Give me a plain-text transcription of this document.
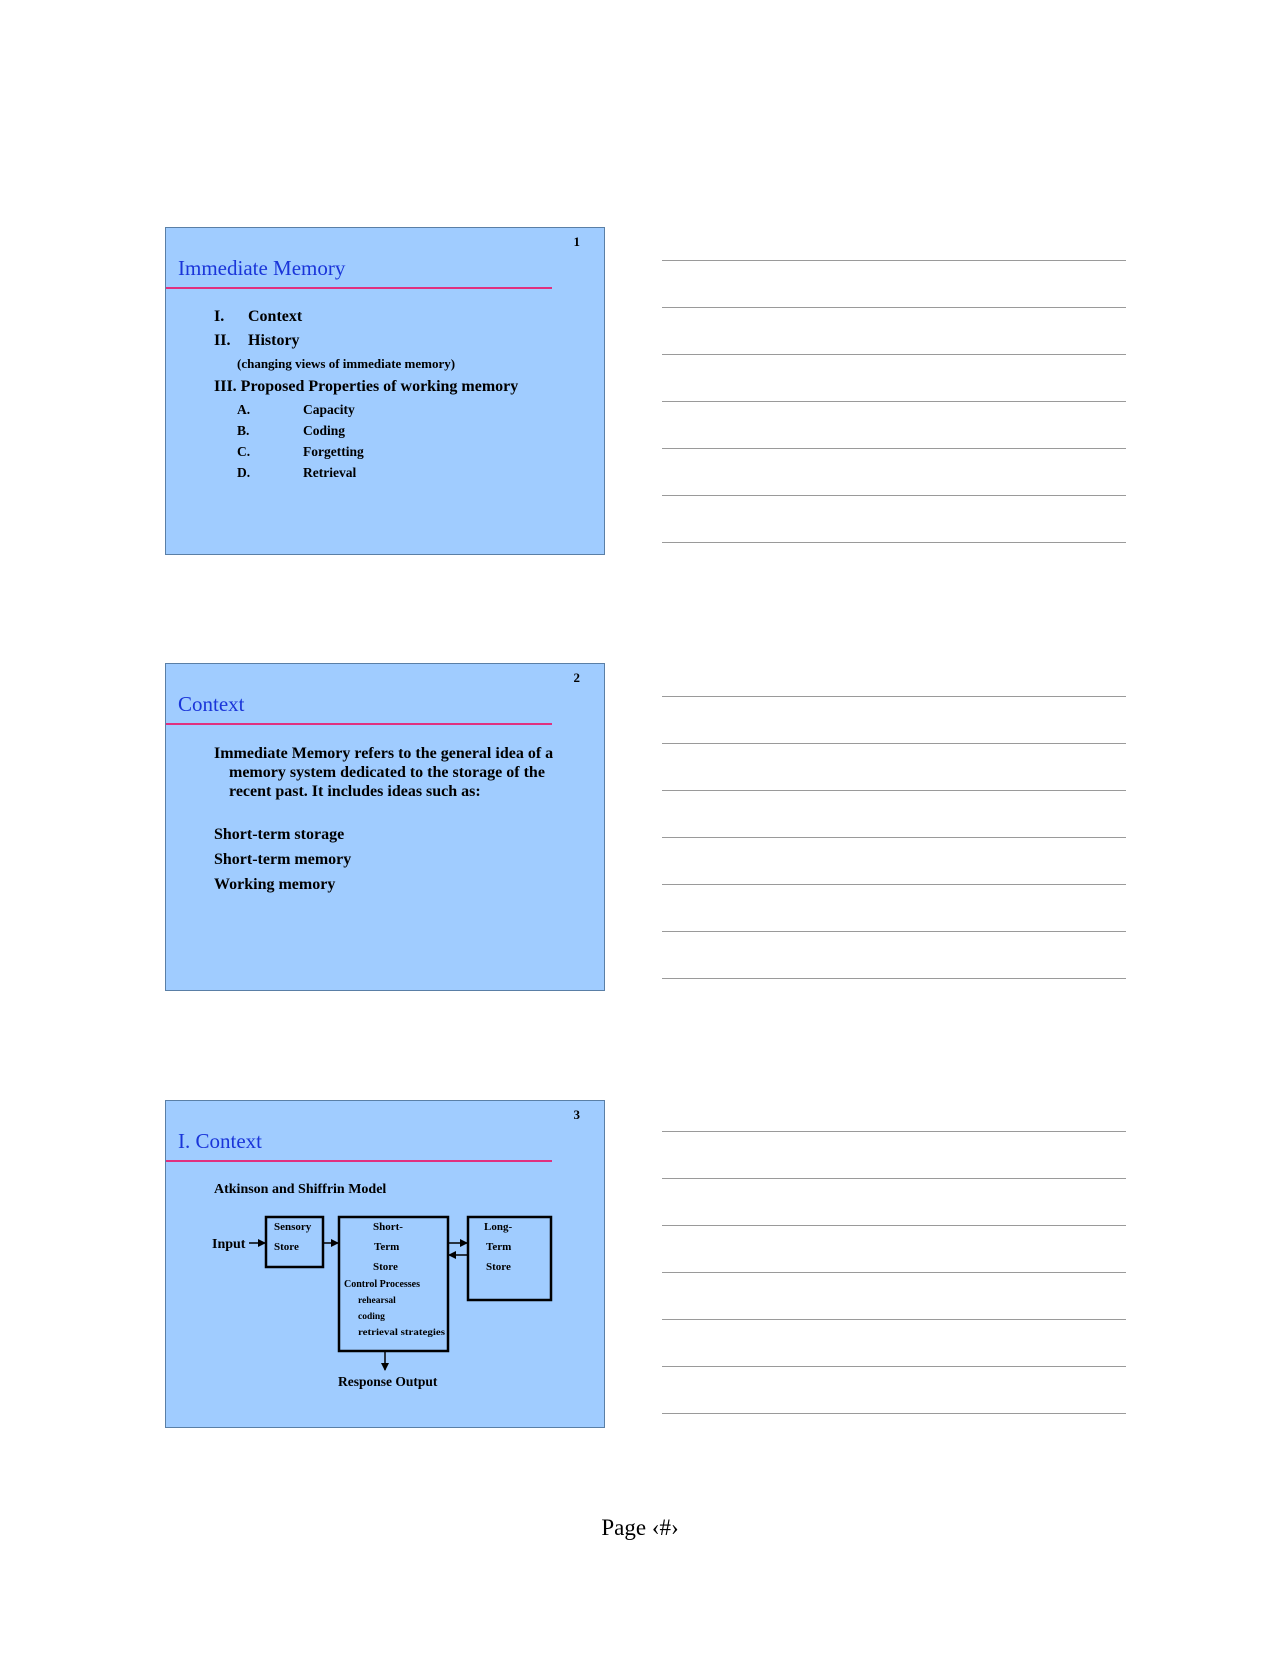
1
Immediate Memory
I. Context
II. History
(changing views of immediate memory)
III. Proposed Properties of working memory
A.	Capacity
B.	Coding
C.	Forgetting
D.	Retrieval
2
Context
Immediate Memory refers to the general idea of a memory system dedicated to the storage of the recent past. It includes ideas such as:
Short-term storage
Short-term memory
Working memory
3
I. Context
Atkinson and Shiffrin Model
Input
Sensory
Store
Short-
Term
Store
Control Processes
rehearsal
coding
retrieval strategies
Long-
Term
Store
Response Output
Page ‹#›
